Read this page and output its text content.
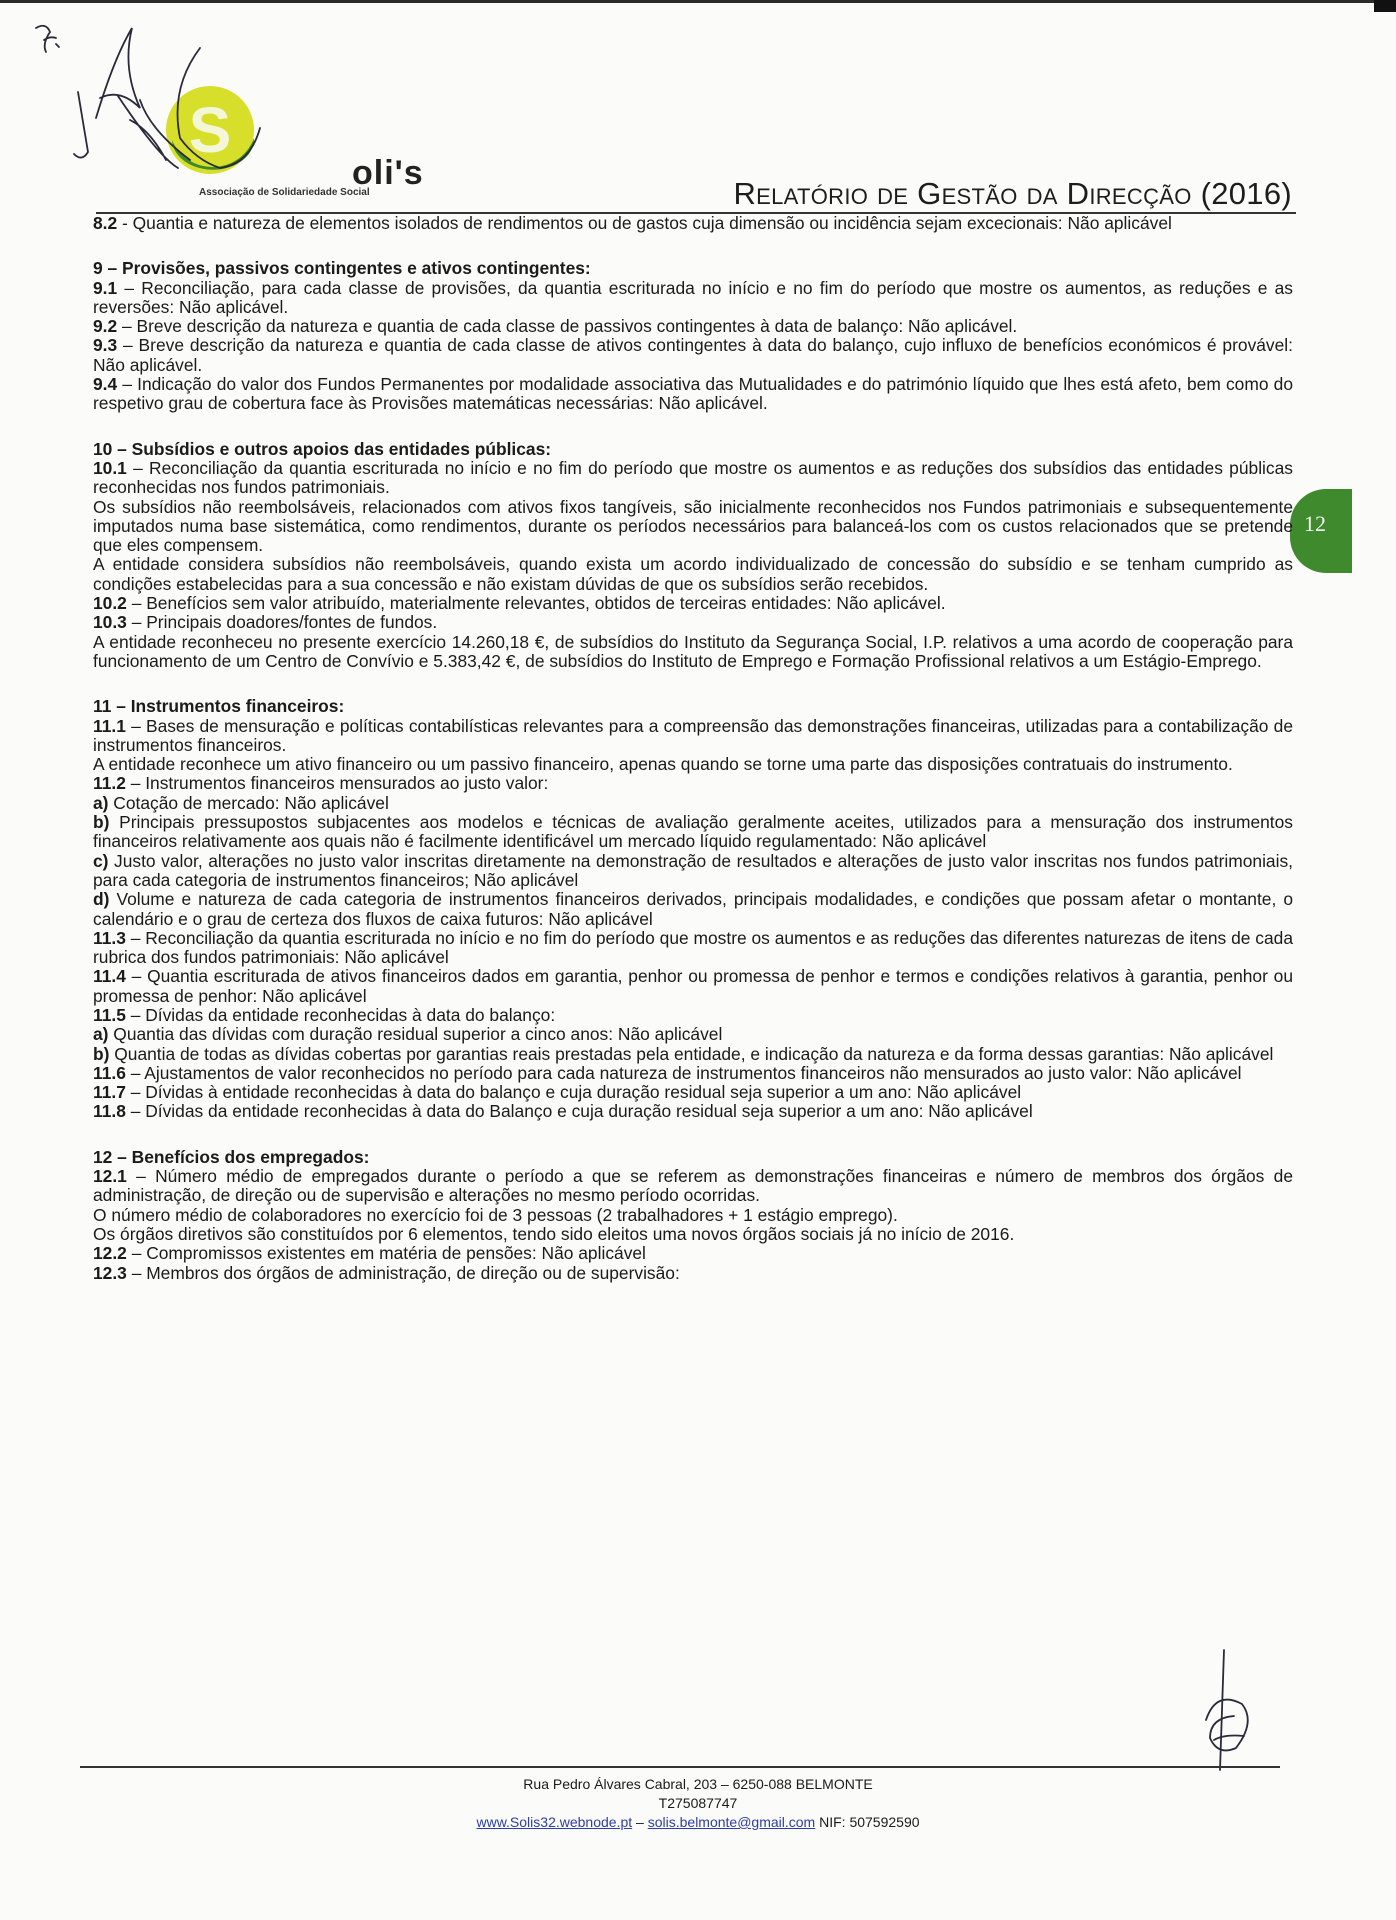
S
oli's
Associação de Solidariedade Social	Relatório de Gestão da Direcção (2016)
12

8.2 - Quantia e natureza de elementos isolados de rendimentos ou de gastos cuja dimensão ou incidência sejam excecionais: Não aplicável

9 – Provisões, passivos contingentes e ativos contingentes:

9.1 – Reconciliação, para cada classe de provisões, da quantia escriturada no início e no fim do período que mostre os aumentos, as reduções e as reversões: Não aplicável.

9.2 – Breve descrição da natureza e quantia de cada classe de passivos contingentes à data de balanço: Não aplicável.

9.3 – Breve descrição da natureza e quantia de cada classe de ativos contingentes à data do balanço, cujo influxo de benefícios económicos é provável: Não aplicável.

9.4 – Indicação do valor dos Fundos Permanentes por modalidade associativa das Mutualidades e do património líquido que lhes está afeto, bem como do respetivo grau de cobertura face às Provisões matemáticas necessárias: Não aplicável.

10 – Subsídios e outros apoios das entidades públicas:

10.1 – Reconciliação da quantia escriturada no início e no fim do período que mostre os aumentos e as reduções dos subsídios das entidades públicas reconhecidas nos fundos patrimoniais.

Os subsídios não reembolsáveis, relacionados com ativos fixos tangíveis, são inicialmente reconhecidos nos Fundos patrimoniais e subsequentemente imputados numa base sistemática, como rendimentos, durante os períodos necessários para balanceá-los com os custos relacionados que se pretende que eles compensem.

A entidade considera subsídios não reembolsáveis, quando exista um acordo individualizado de concessão do subsídio e se tenham cumprido as condições estabelecidas para a sua concessão e não existam dúvidas de que os subsídios serão recebidos.

10.2 – Benefícios sem valor atribuído, materialmente relevantes, obtidos de terceiras entidades: Não aplicável.

10.3 – Principais doadores/fontes de fundos.

A entidade reconheceu no presente exercício 14.260,18 €, de subsídios do Instituto da Segurança Social, I.P. relativos a uma acordo de cooperação para funcionamento de um Centro de Convívio e 5.383,42 €, de subsídios do Instituto de Emprego e Formação Profissional relativos a um Estágio-Emprego.

11 – Instrumentos financeiros:

11.1 – Bases de mensuração e políticas contabilísticas relevantes para a compreensão das demonstrações financeiras, utilizadas para a contabilização de instrumentos financeiros.

A entidade reconhece um ativo financeiro ou um passivo financeiro, apenas quando se torne uma parte das disposições contratuais do instrumento.

11.2 – Instrumentos financeiros mensurados ao justo valor:

a) Cotação de mercado: Não aplicável

b) Principais pressupostos subjacentes aos modelos e técnicas de avaliação geralmente aceites, utilizados para a mensuração dos instrumentos financeiros relativamente aos quais não é facilmente identificável um mercado líquido regulamentado: Não aplicável

c) Justo valor, alterações no justo valor inscritas diretamente na demonstração de resultados e alterações de justo valor inscritas nos fundos patrimoniais, para cada categoria de instrumentos financeiros; Não aplicável

d) Volume e natureza de cada categoria de instrumentos financeiros derivados, principais modalidades, e condições que possam afetar o montante, o calendário e o grau de certeza dos fluxos de caixa futuros: Não aplicável

11.3 – Reconciliação da quantia escriturada no início e no fim do período que mostre os aumentos e as reduções das diferentes naturezas de itens de cada rubrica dos fundos patrimoniais: Não aplicável

11.4 – Quantia escriturada de ativos financeiros dados em garantia, penhor ou promessa de penhor e termos e condições relativos à garantia, penhor ou promessa de penhor: Não aplicável

11.5 – Dívidas da entidade reconhecidas à data do balanço:

a) Quantia das dívidas com duração residual superior a cinco anos: Não aplicável

b) Quantia de todas as dívidas cobertas por garantias reais prestadas pela entidade, e indicação da natureza e da forma dessas garantias: Não aplicável

11.6 – Ajustamentos de valor reconhecidos no período para cada natureza de instrumentos financeiros não mensurados ao justo valor: Não aplicável

11.7 – Dívidas à entidade reconhecidas à data do balanço e cuja duração residual seja superior a um ano: Não aplicável

11.8 – Dívidas da entidade reconhecidas à data do Balanço e cuja duração residual seja superior a um ano: Não aplicável

12 – Benefícios dos empregados:

12.1 – Número médio de empregados durante o período a que se referem as demonstrações financeiras e número de membros dos órgãos de administração, de direção ou de supervisão e alterações no mesmo período ocorridas.

O número médio de colaboradores no exercício foi de 3 pessoas (2 trabalhadores + 1 estágio emprego).

Os órgãos diretivos são constituídos por 6 elementos, tendo sido eleitos uma novos órgãos sociais já no início de 2016.

12.2 – Compromissos existentes em matéria de pensões: Não aplicável

12.3 – Membros dos órgãos de administração, de direção ou de supervisão:

Rua Pedro Álvares Cabral, 203 – 6250-088 BELMONTE
T275087747
www.Solis32.webnode.pt – solis.belmonte@gmail.com NIF: 507592590
